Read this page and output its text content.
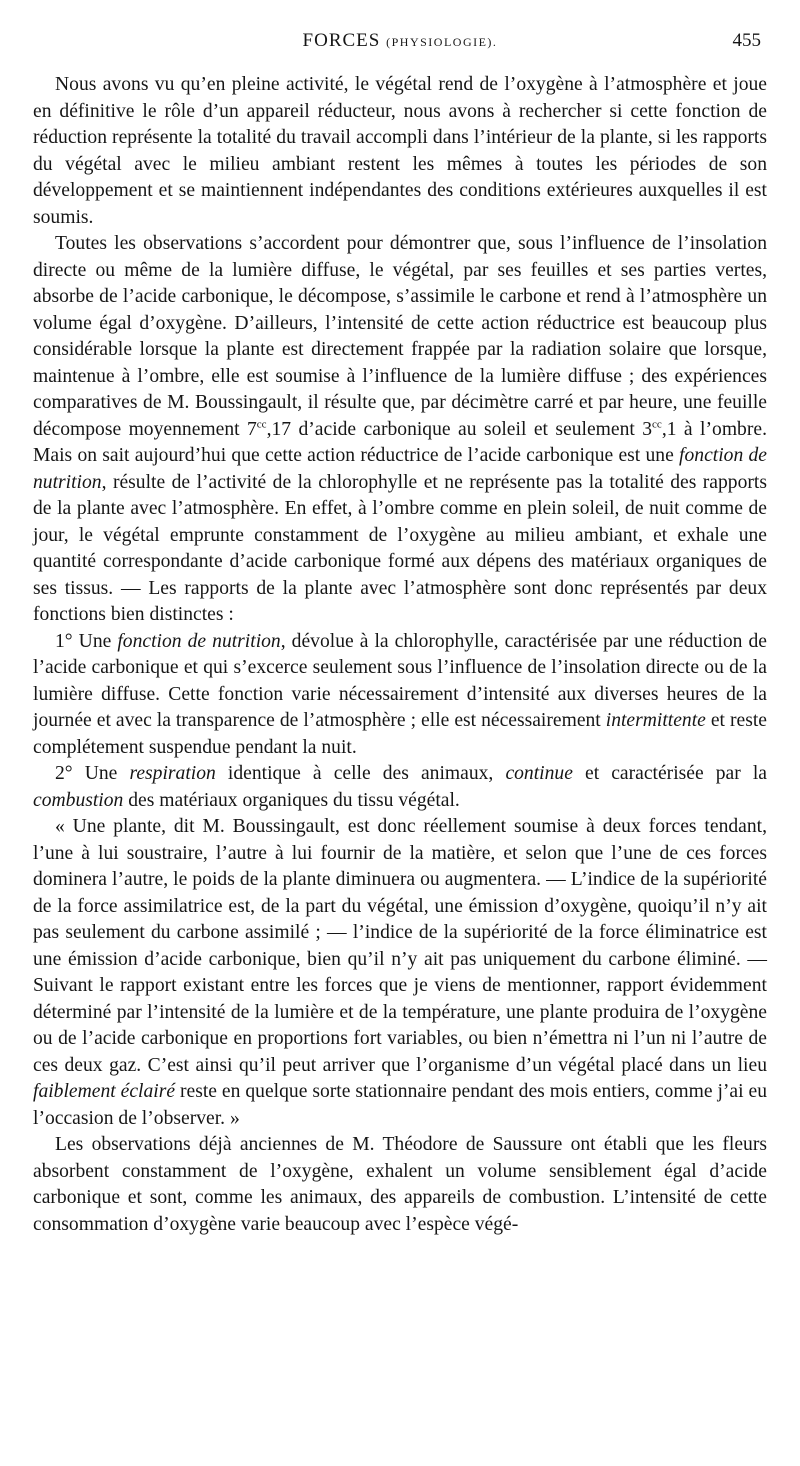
FORCES (PHYSIOLOGIE).	455

Nous avons vu qu’en pleine activité, le végétal rend de l’oxygène à l’atmosphère et joue en définitive le rôle d’un appareil réducteur, nous avons à rechercher si cette fonction de réduction représente la totalité du travail accompli dans l’intérieur de la plante, si les rapports du végétal avec le milieu ambiant restent les mêmes à toutes les périodes de son développement et se maintiennent indépendantes des conditions extérieures auxquelles il est soumis.

Toutes les observations s’accordent pour démontrer que, sous l’influence de l’insolation directe ou même de la lumière diffuse, le végétal, par ses feuilles et ses parties vertes, absorbe de l’acide carbonique, le décompose, s’assimile le carbone et rend à l’atmosphère un volume égal d’oxygène. D’ailleurs, l’intensité de cette action réductrice est beaucoup plus considérable lorsque la plante est directement frappée par la radiation solaire que lorsque, maintenue à l’ombre, elle est soumise à l’influence de la lumière diffuse ; des expériences comparatives de M. Boussingault, il résulte que, par décimètre carré et par heure, une feuille décompose moyennement $7^{cc},17$ d’acide carbonique au soleil et seulement $3^{cc},1$ à l’ombre. Mais on sait aujourd’hui que cette action réductrice de l’acide carbonique est une fonction de nutrition, résulte de l’activité de la chlorophylle et ne représente pas la totalité des rapports de la plante avec l’atmosphère. En effet, à l’ombre comme en plein soleil, de nuit comme de jour, le végétal emprunte constamment de l’oxygène au milieu ambiant, et exhale une quantité correspondante d’acide carbonique formé aux dépens des matériaux organiques de ses tissus. — Les rapports de la plante avec l’atmosphère sont donc représentés par deux fonctions bien distinctes :

1° Une fonction de nutrition, dévolue à la chlorophylle, caractérisée par une réduction de l’acide carbonique et qui s’excerce seulement sous l’influence de l’insolation directe ou de la lumière diffuse. Cette fonction varie nécessairement d’intensité aux diverses heures de la journée et avec la transparence de l’atmosphère ; elle est nécessairement intermittente et reste complétement suspendue pendant la nuit.

2° Une respiration identique à celle des animaux, continue et caractérisée par la combustion des matériaux organiques du tissu végétal.

« Une plante, dit M. Boussingault, est donc réellement soumise à deux forces tendant, l’une à lui soustraire, l’autre à lui fournir de la matière, et selon que l’une de ces forces dominera l’autre, le poids de la plante diminuera ou augmentera. — L’indice de la supériorité de la force assimilatrice est, de la part du végétal, une émission d’oxygène, quoiqu’il n’y ait pas seulement du carbone assimilé ; — l’indice de la supériorité de la force éliminatrice est une émission d’acide carbonique, bien qu’il n’y ait pas uniquement du carbone éliminé. — Suivant le rapport existant entre les forces que je viens de mentionner, rapport évidemment déterminé par l’intensité de la lumière et de la température, une plante produira de l’oxygène ou de l’acide carbonique en proportions fort variables, ou bien n’émettra ni l’un ni l’autre de ces deux gaz. C’est ainsi qu’il peut arriver que l’organisme d’un végétal placé dans un lieu faiblement éclairé reste en quelque sorte stationnaire pendant des mois entiers, comme j’ai eu l’occasion de l’observer. »

Les observations déjà anciennes de M. Théodore de Saussure ont établi que les fleurs absorbent constamment de l’oxygène, exhalent un volume sensiblement égal d’acide carbonique et sont, comme les animaux, des appareils de combustion. L’intensité de cette consommation d’oxygène varie beaucoup avec l’espèce végé-
